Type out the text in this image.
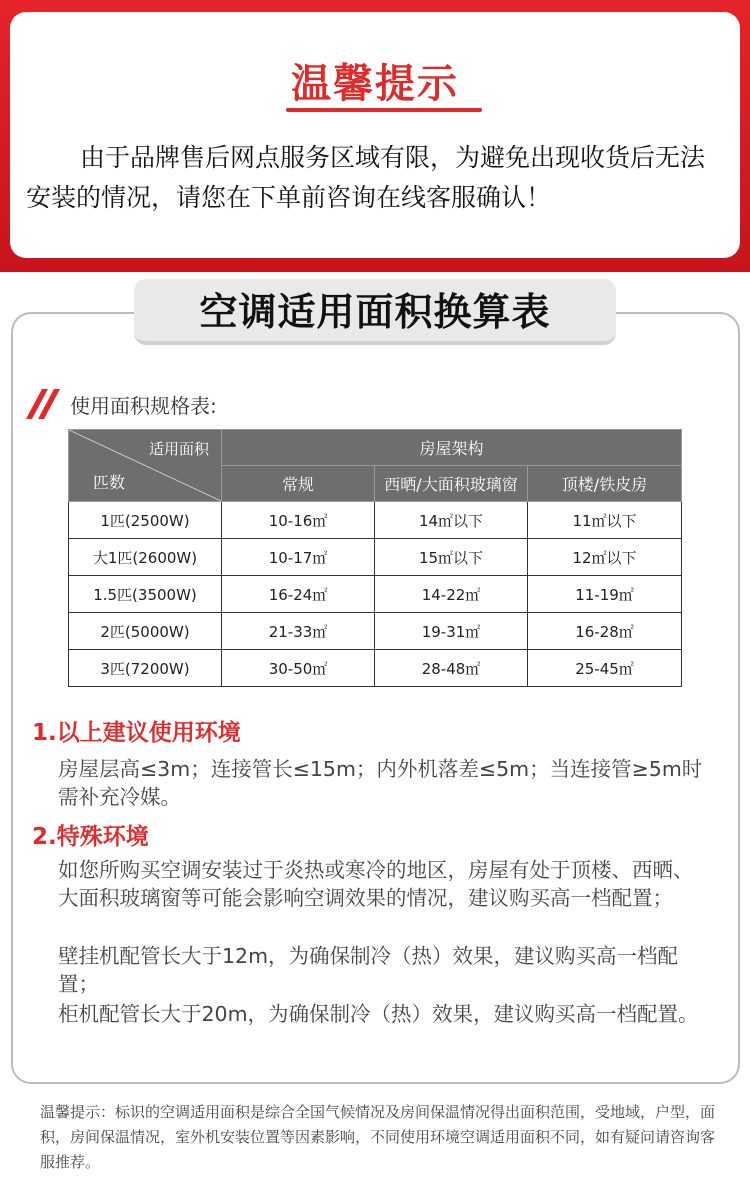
温馨提示
由于品牌售后网点服务区域有限，为避免出现收货后无法安装的情况，请您在下单前咨询在线客服确认！
空调适用面积换算表
使用面积规格表:
适用面积
匹数	房屋架构		
	常规	西晒/大面积玻璃窗	顶楼/铁皮房
1匹(2500W)	10-16㎡	14㎡以下	11㎡以下
大1匹(2600W)	10-17㎡	15㎡以下	12㎡以下
1.5匹(3500W)	16-24㎡	14-22㎡	11-19㎡
2匹(5000W)	21-33㎡	19-31㎡	16-28㎡
3匹(7200W)	30-50㎡	28-48㎡	25-45㎡
1.以上建议使用环境
房屋层高≤3m；连接管长≤15m；内外机落差≤5m；当连接管≥5m时需补充冷媒。
2.特殊环境
如您所购买空调安装过于炎热或寒冷的地区，房屋有处于顶楼、西晒、大面积玻璃窗等可能会影响空调效果的情况，建议购买高一档配置；
壁挂机配管长大于12m，为确保制冷（热）效果，建议购买高一档配置；
柜机配管长大于20m，为确保制冷（热）效果，建议购买高一档配置。
温馨提示：标识的空调适用面积是综合全国气候情况及房间保温情况得出面积范围，受地域，户型，面积，房间保温情况，室外机安装位置等因素影响，不同使用环境空调适用面积不同，如有疑问请咨询客服推荐。
